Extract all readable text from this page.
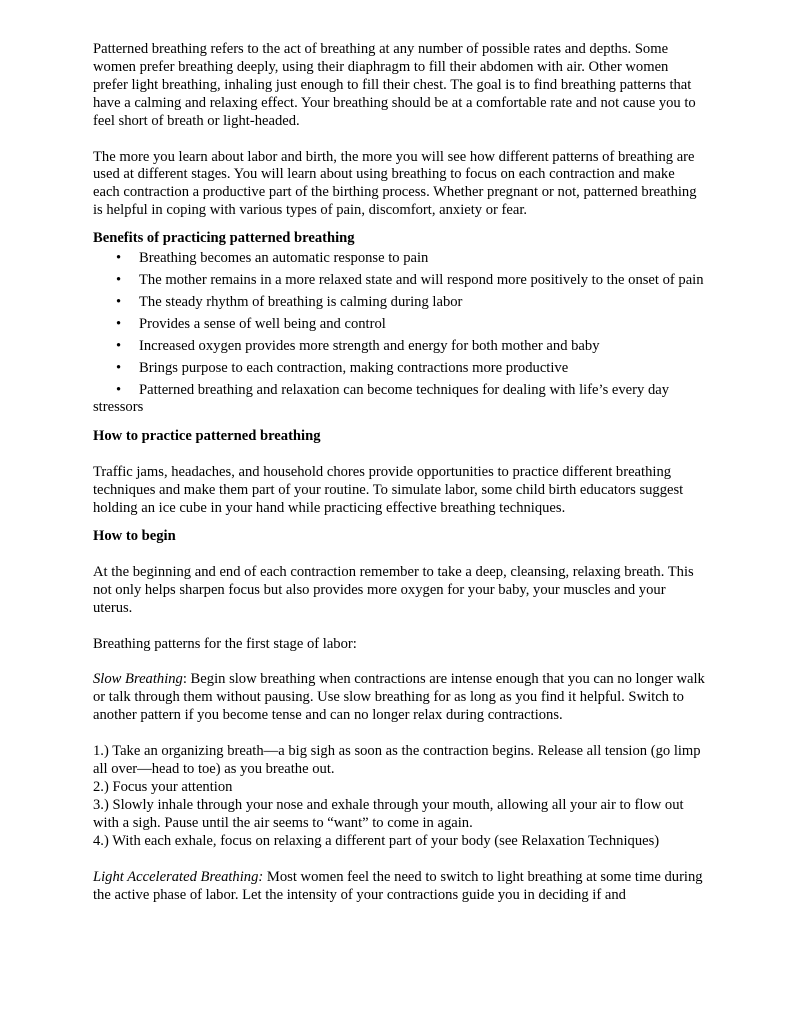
Patterned breathing refers to the act of breathing at any number of possible rates and depths. Some women prefer breathing deeply, using their diaphragm to fill their abdomen with air. Other women prefer light breathing, inhaling just enough to fill their chest. The goal is to find breathing patterns that have a calming and relaxing effect. Your breathing should be at a comfortable rate and not cause you to feel short of breath or light-headed.

The more you learn about labor and birth, the more you will see how different patterns of breathing are used at different stages. You will learn about using breathing to focus on each contraction and make each contraction a productive part of the birthing process. Whether pregnant or not, patterned breathing is helpful in coping with various types of pain, discomfort, anxiety or fear.

Benefits of practicing patterned breathing

• Breathing becomes an automatic response to pain
• The mother remains in a more relaxed state and will respond more positively to the onset of pain
• The steady rhythm of breathing is calming during labor
• Provides a sense of well being and control
• Increased oxygen provides more strength and energy for both mother and baby
• Brings purpose to each contraction, making contractions more productive
• Patterned breathing and relaxation can become techniques for dealing with life’s every day stressors

How to practice patterned breathing

Traffic jams, headaches, and household chores provide opportunities to practice different breathing techniques and make them part of your routine. To simulate labor, some child birth educators suggest holding an ice cube in your hand while practicing effective breathing techniques.

How to begin

At the beginning and end of each contraction remember to take a deep, cleansing, relaxing breath. This not only helps sharpen focus but also provides more oxygen for your baby, your muscles and your uterus.

Breathing patterns for the first stage of labor:

Slow Breathing: Begin slow breathing when contractions are intense enough that you can no longer walk or talk through them without pausing. Use slow breathing for as long as you find it helpful. Switch to another pattern if you become tense and can no longer relax during contractions.

1.) Take an organizing breath—a big sigh as soon as the contraction begins. Release all tension (go limp all over—head to toe) as you breathe out.

2.) Focus your attention

3.) Slowly inhale through your nose and exhale through your mouth, allowing all your air to flow out with a sigh. Pause until the air seems to “want” to come in again.

4.) With each exhale, focus on relaxing a different part of your body (see Relaxation Techniques)

Light Accelerated Breathing: Most women feel the need to switch to light breathing at some time during the active phase of labor. Let the intensity of your contractions guide you in deciding if and
